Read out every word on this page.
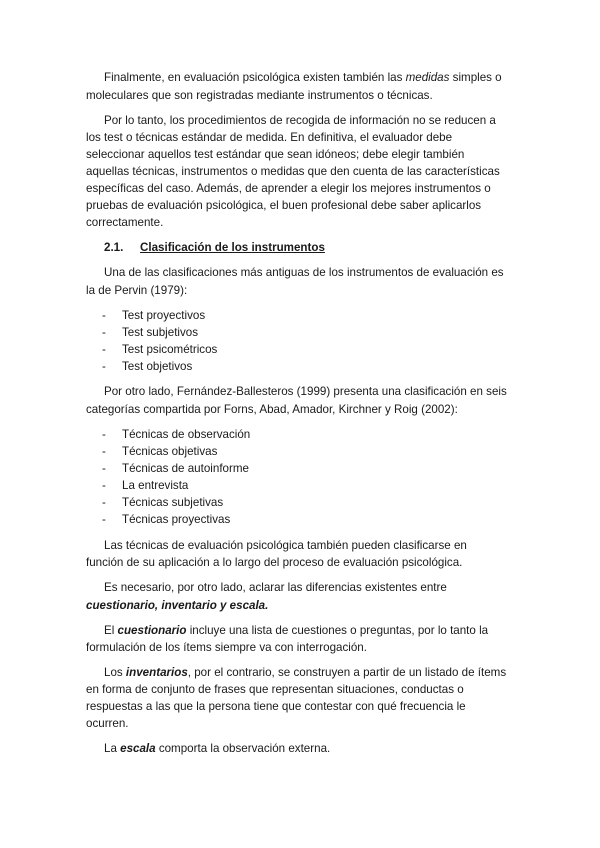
Finalmente, en evaluación psicológica existen también las medidas simples o
moleculares que son registradas mediante instrumentos o técnicas.
Por lo tanto, los procedimientos de recogida de información no se reducen a
los test o técnicas estándar de medida. En definitiva, el evaluador debe
seleccionar aquellos test estándar que sean idóneos; debe elegir también
aquellas técnicas, instrumentos o medidas que den cuenta de las características
específicas del caso. Además, de aprender a elegir los mejores instrumentos o
pruebas de evaluación psicológica, el buen profesional debe saber aplicarlos
correctamente.
2.1. Clasificación de los instrumentos
Una de las clasificaciones más antiguas de los instrumentos de evaluación es
la de Pervin (1979):
- Test proyectivos
- Test subjetivos
- Test psicométricos
- Test objetivos
Por otro lado, Fernández-Ballesteros (1999) presenta una clasificación en seis
categorías compartida por Forns, Abad, Amador, Kirchner y Roig (2002):
- Técnicas de observación
- Técnicas objetivas
- Técnicas de autoinforme
- La entrevista
- Técnicas subjetivas
- Técnicas proyectivas
Las técnicas de evaluación psicológica también pueden clasificarse en
función de su aplicación a lo largo del proceso de evaluación psicológica.
Es necesario, por otro lado, aclarar las diferencias existentes entre
cuestionario, inventario y escala.
El cuestionario incluye una lista de cuestiones o preguntas, por lo tanto la
formulación de los ítems siempre va con interrogación.
Los inventarios, por el contrario, se construyen a partir de un listado de ítems
en forma de conjunto de frases que representan situaciones, conductas o
respuestas a las que la persona tiene que contestar con qué frecuencia le
ocurren.
La escala comporta la observación externa.
